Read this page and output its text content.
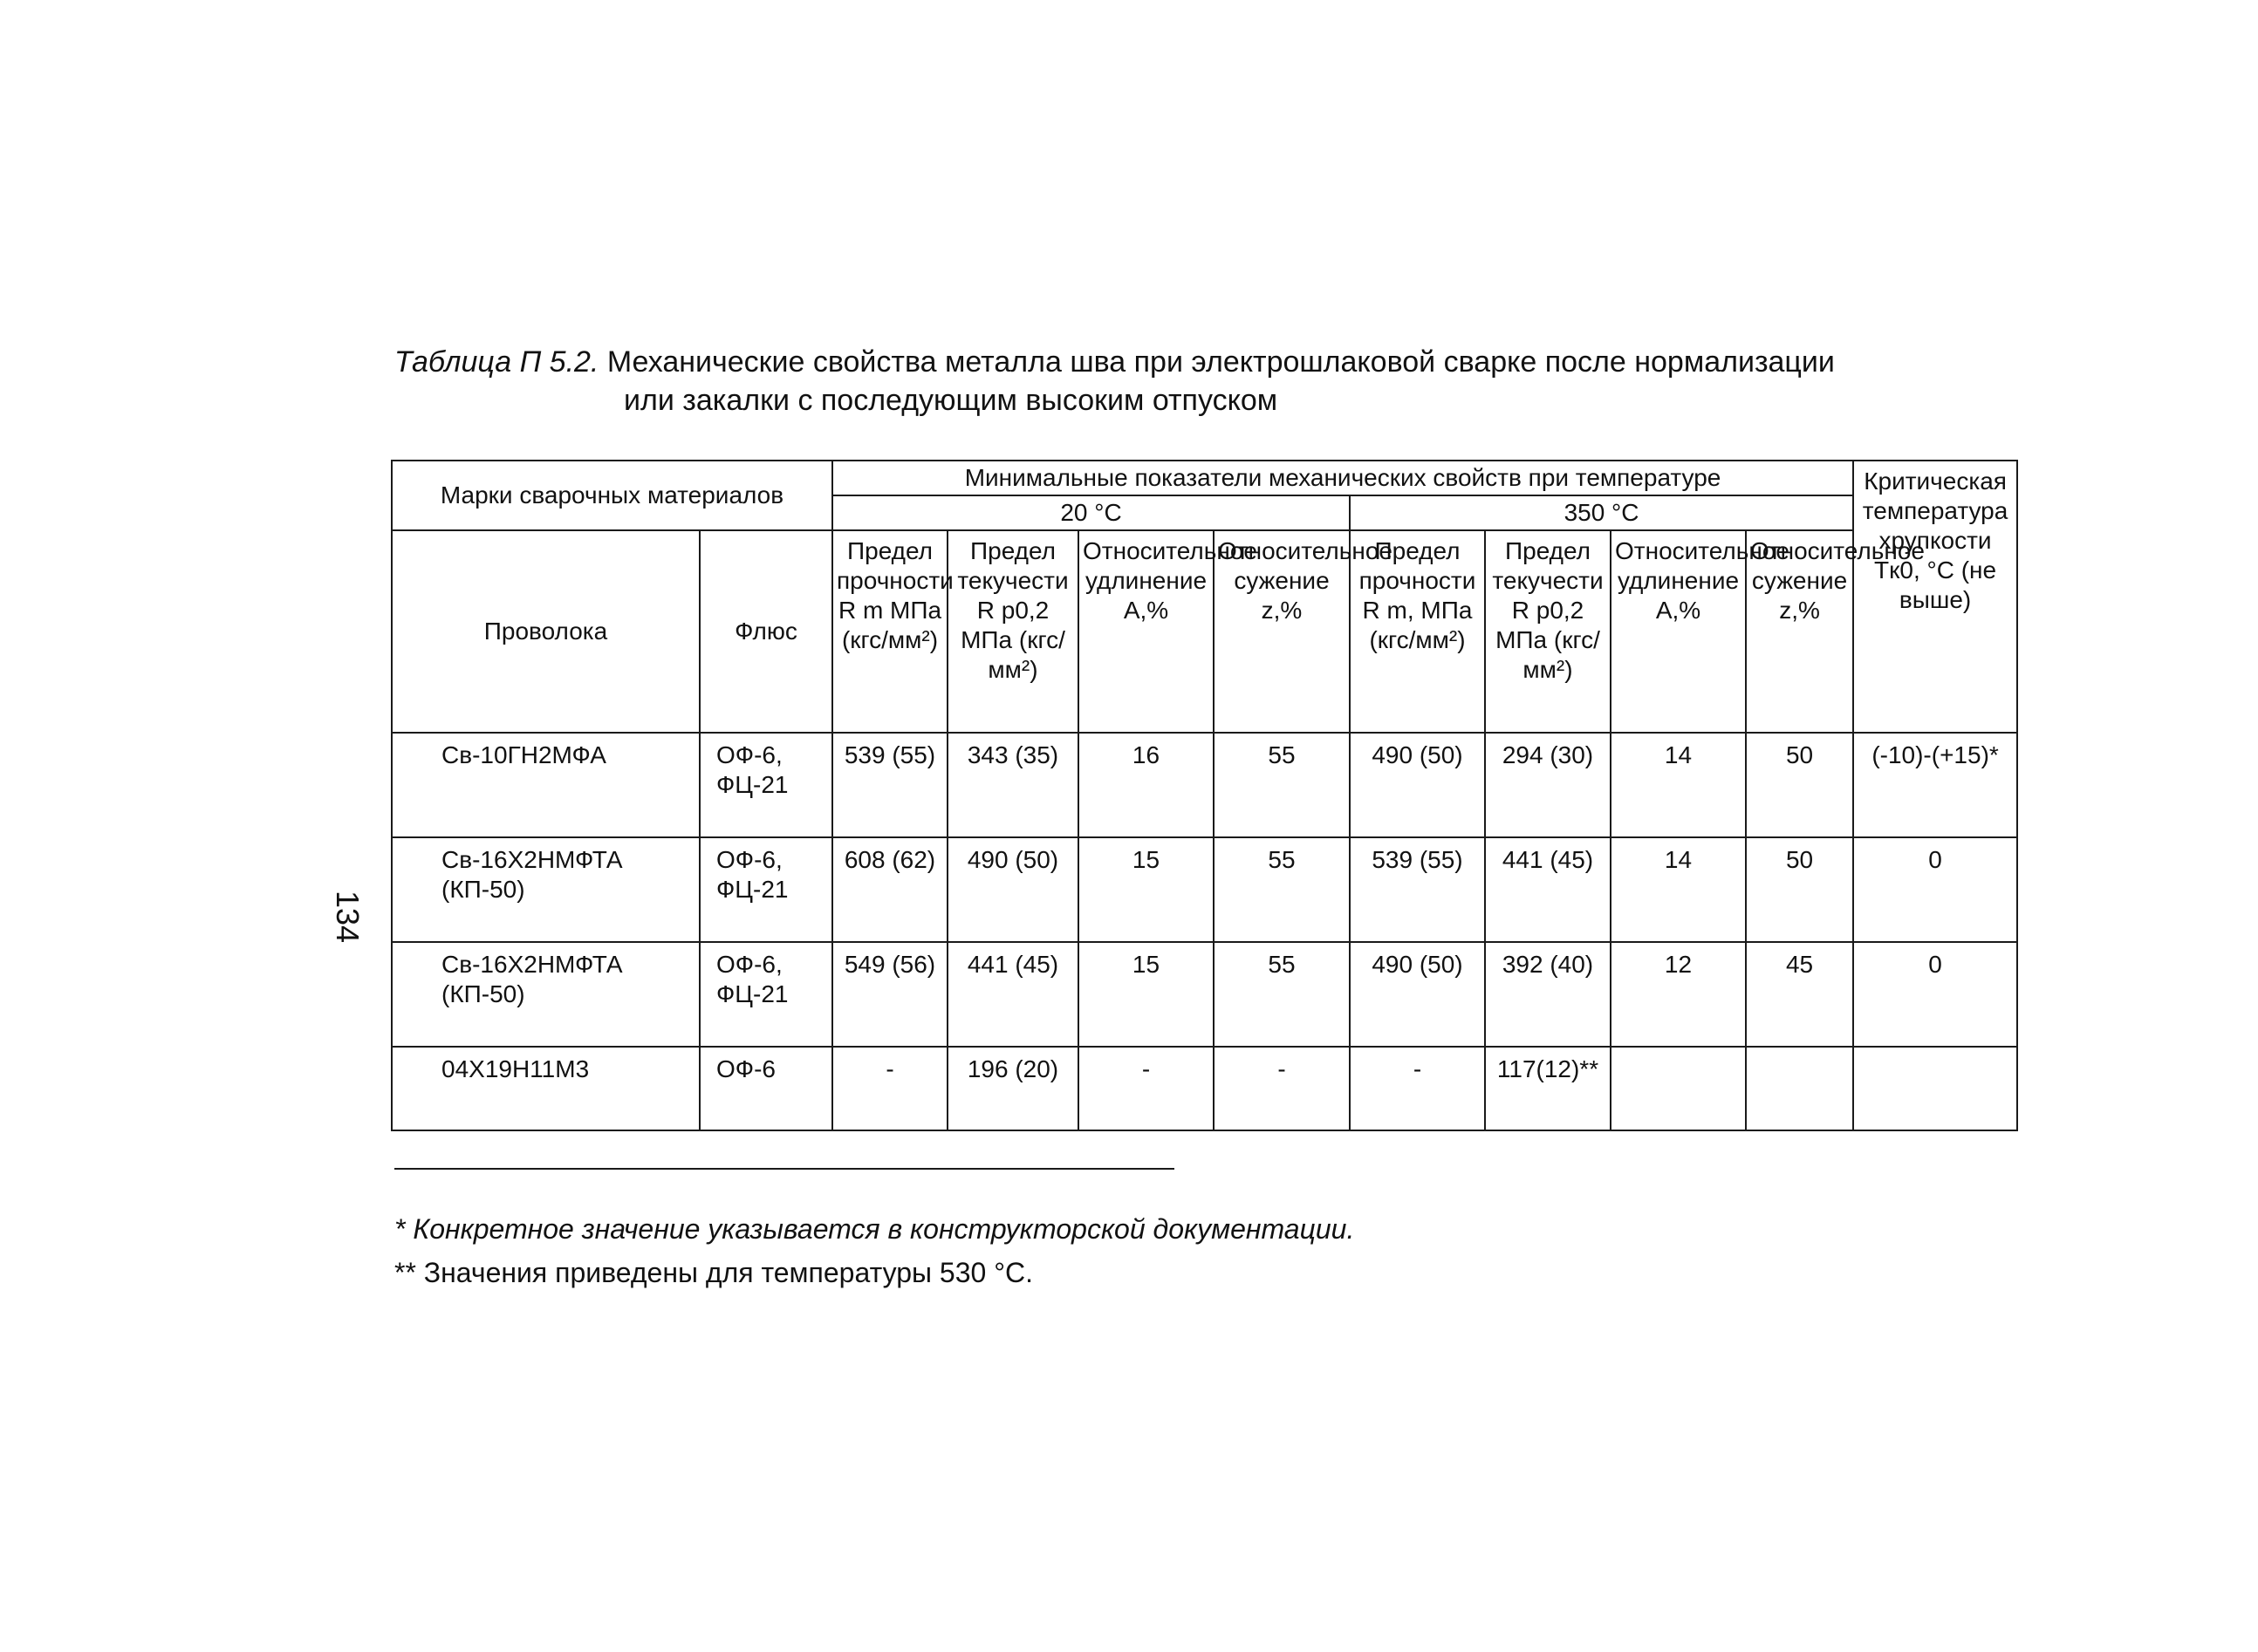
Таблица П 5.2. Механические свойства металла шва при электрошлаковой сварке после нормализации
или закалки с последующим высоким отпуском
134
Марки сварочных материалов		Минимальные показатели механических свойств при температуре								Критическая температура хрупкости Tк0, °C (не выше)
		20 °C				350 °C				
Проволока	Флюс	Предел прочности R m МПа (кгс/мм²)	Предел текучести R p0,2 МПа (кгс/мм²)	Относительное удлинение A,%	Относительное сужение z,%	Предел прочности R m, МПа (кгс/мм²)	Предел текучести R p0,2 МПа (кгс/мм²)	Относительное удлинение A,%	Относительное сужение z,%	
Св-10ГН2МФА	ОФ-6, ФЦ-21	539 (55)	343 (35)	16	55	490 (50)	294 (30)	14	50	(-10)-(+15)*
Св-16Х2НМФТА (КП-50)	ОФ-6, ФЦ-21	608 (62)	490 (50)	15	55	539 (55)	441 (45)	14	50	0
Св-16Х2НМФТА (КП-50)	ОФ-6, ФЦ-21	549 (56)	441 (45)	15	55	490 (50)	392 (40)	12	45	0
04Х19Н11М3	ОФ-6	-	196 (20)	-	-	-	117(12)**			
* Конкретное значение указывается в конструкторской документации.
** Значения приведены для температуры 530 °С.
